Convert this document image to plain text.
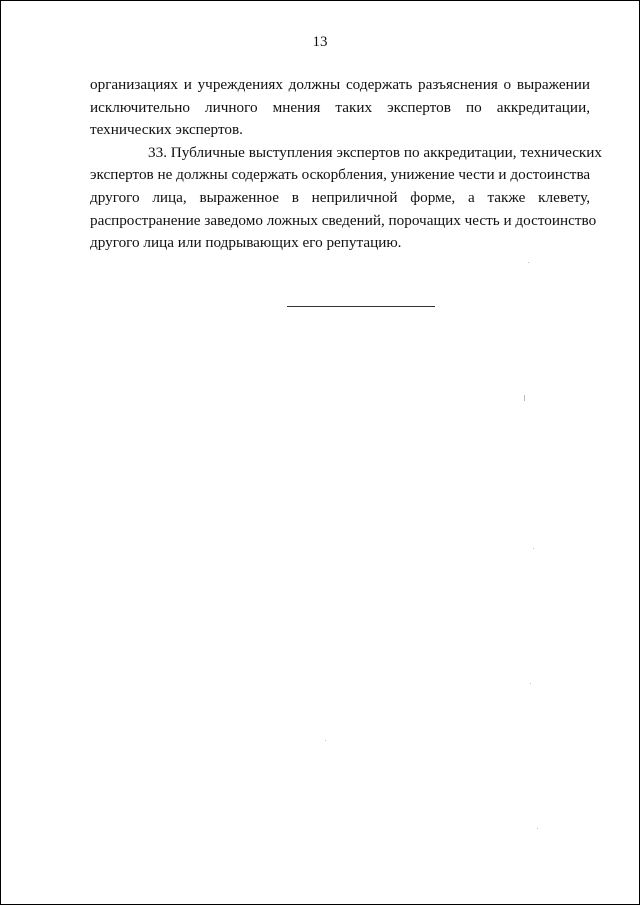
13

организациях и учреждениях должны содержать разъяснения о выражении
исключительно личного мнения таких экспертов по аккредитации,
технических экспертов.

33. Публичные выступления экспертов по аккредитации, технических
экспертов не должны содержать оскорбления, унижение чести и достоинства
другого лица, выраженное в неприличной форме, а также клевету,
распространение заведомо ложных сведений, порочащих честь и достоинство
другого лица или подрывающих его репутацию.
